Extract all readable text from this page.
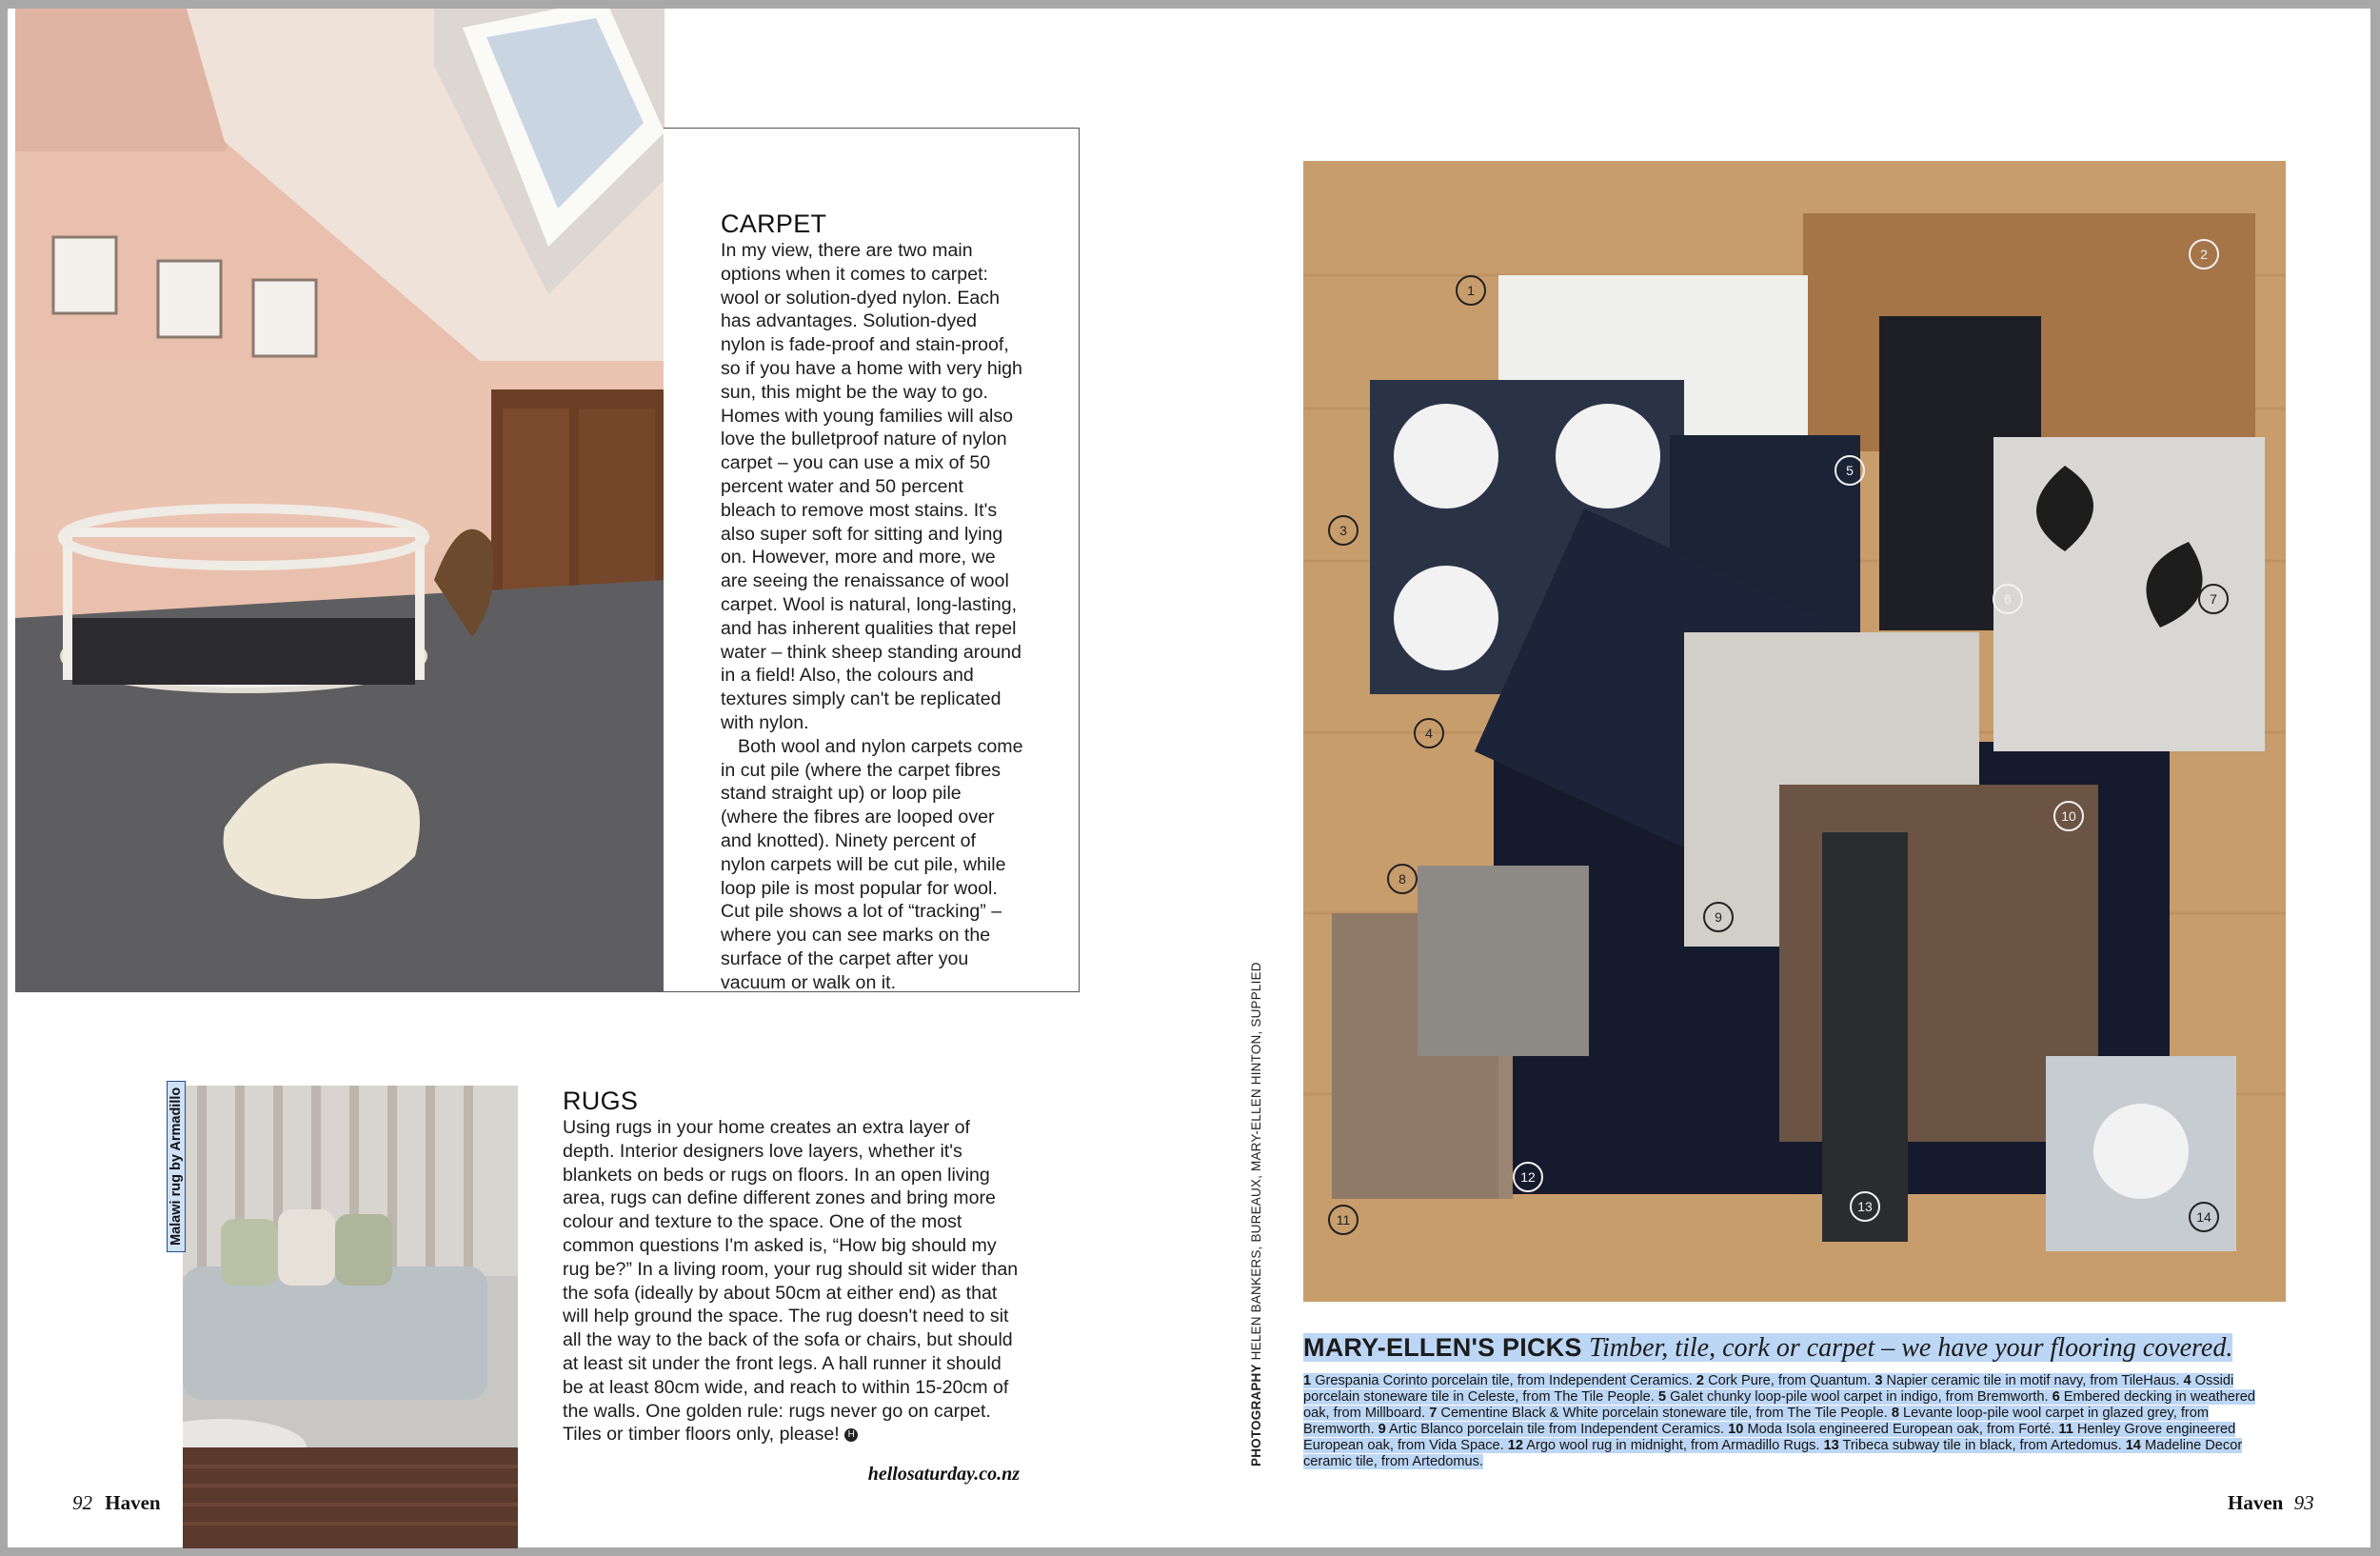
CARPET
In my view, there are two main options when it comes to carpet: wool or solution-dyed nylon. Each has advantages. Solution-dyed nylon is fade-proof and stain-proof, so if you have a home with very high sun, this might be the way to go. Homes with young families will also love the bulletproof nature of nylon carpet – you can use a mix of 50 percent water and 50 percent bleach to remove most stains. It's also super soft for sitting and lying on. However, more and more, we are seeing the renaissance of wool carpet. Wool is natural, long-lasting, and has inherent qualities that repel water – think sheep standing around in a field! Also, the colours and textures simply can't be replicated with nylon.
Both wool and nylon carpets come in cut pile (where the carpet fibres stand straight up) or loop pile (where the fibres are looped over and knotted). Ninety percent of nylon carpets will be cut pile, while loop pile is most popular for wool. Cut pile shows a lot of “tracking” – where you can see marks on the surface of the carpet after you vacuum or walk on it.
Malawi rug by Armadillo	RUGS
Using rugs in your home creates an extra layer of depth. Interior designers love layers, whether it's blankets on beds or rugs on floors. In an open living area, rugs can define different zones and bring more colour and texture to the space. One of the most common questions I'm asked is, “How big should my rug be?” In a living room, your rug should sit wider than the sofa (ideally by about 50cm at either end) as that will help ground the space. The rug doesn't need to sit all the way to the back of the sofa or chairs, but should at least sit under the front legs. A hall runner it should be at least 80cm wide, and reach to within 15-20cm of the walls. One golden rule: rugs never go on carpet. Tiles or timber floors only, please! H
hellosaturday.co.nz
92 Haven
1
2
3
4
5
6	7
8
9
10
11
12
13
14
PHOTOGRAPHY HELEN BANKERS, BUREAUX, MARY-ELLEN HINTON, SUPPLIED MARY-ELLEN'S PICKS Timber, tile, cork or carpet – we have your flooring covered.
1 Grespania Corinto porcelain tile, from Independent Ceramics. 2 Cork Pure, from Quantum. 3 Napier ceramic tile in motif navy, from TileHaus. 4 Ossidi porcelain stoneware tile in Celeste, from The Tile People. 5 Galet chunky loop-pile wool carpet in indigo, from Bremworth. 6 Embered decking in weathered oak, from Millboard. 7 Cementine Black & White porcelain stoneware tile, from The Tile People. 8 Levante loop-pile wool carpet in glazed grey, from Bremworth. 9 Artic Blanco porcelain tile from Independent Ceramics. 10 Moda Isola engineered European oak, from Forté. 11 Henley Grove engineered European oak, from Vida Space. 12 Argo wool rug in midnight, from Armadillo Rugs. 13 Tribeca subway tile in black, from Artedomus. 14 Madeline Decor ceramic tile, from Artedomus.
Haven 93
